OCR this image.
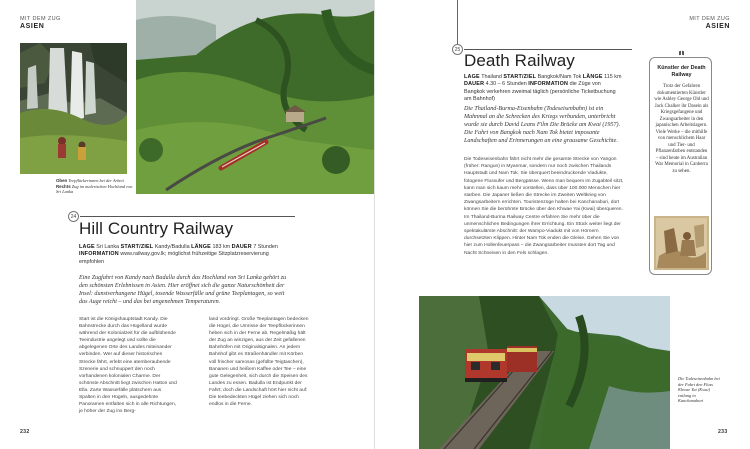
MIT DEM ZUG
ASIEN
Oben Teepflückerinnen bei der Arbeit Rechts Zug im malerischen Hochland von Sri Lanka
24
Hill Country Railway
LAGE Sri Lanka START/ZIEL Kandy/Badulla LÄNGE 183 km DAUER 7 Stunden INFORMATION www.railway.gov.lk; möglichst frühzeitige Sitzplatzreservierung empfohlen
Eine Zugfahrt von Kandy nach Badulla durch das Hochland von Sri Lanka gehört zu den schönsten Erlebnissen in Asien. Hier eröffnet sich die ganze Naturschönheit der Insel: dunstverhangene Hügel, tosende Wasserfälle und grüne Teeplantagen, so weit das Auge reicht – und das bei angenehmen Temperaturen.
Start ist die Königshauptstadt Kandy. Die Bahnstrecke durch das Hügelland wurde während der Kolonialzeit für die aufblühende Teeindustrie angelegt und sollte die abgelegenen Orte des Landes miteinander verbinden. Wer auf dieser historischen Strecke fährt, erlebt eine atemberaubende Szenerie und schnuppert den noch vorhandenen kolonialen Charme. Der schönste Abschnitt liegt zwischen Hatton und Ella. Zarte Wasserfälle plätschern aus Spalten in den Hügeln, ausgedehnte Panoramen entfalten sich in alle Richtungen, je höher der Zug ins Berg-
land vordringt. Große Teeplantagen bedecken die Hügel, die Umrisse der Teepflückerinnen heben sich in der Ferne ab. Regelmäßig hält der Zug an winzigen, aus der Zeit gefallenen Bahnhöfen mit Originalsignalen. An jedem Bahnhof gibt es Straßenhändler mit Körben voll frischer samosas (gefüllte Teigtaschen), Bananen und heißem Kaffee oder Tee – eine gute Gelegenheit, sich durch die Speisen des Landes zu essen. Badulla ist Endpunkt der Fahrt; doch die Landschaft hört hier nicht auf: Die teebedeckten Hügel ziehen sich noch endlos in die Ferne.
232
MIT DEM ZUG
ASIEN
25
Death Railway
LAGE Thailand START/ZIEL Bangkok/Nam Tok LÄNGE 115 km DAUER 4.30 – 6 Stunden INFORMATION die Züge von Bangkok verkehren zweimal täglich (persönliche Ticketbuchung am Bahnhof)
Die Thailand-Burma-Eisenbahn (Todeseisenbahn) ist ein Mahnmal an die Schrecken des Kriegs verbunden, unterbricht wurde sie durch David Leans Film Die Brücke am Kwai (1957). Die Fahrt von Bangkok nach Nam Tok bietet imposante Landschaften und Erinnerungen an eine grausame Geschichte.
Die Todeseisenbahn fährt nicht mehr die gesamte Strecke von Yangon (früher: Rangun) in Myanmar, sondern nur noch zwischen Thailands Hauptstadt und Nam Tok. Sie überquert beeindruckende Viadukte, fotogene Flussufer und Bergpässe. Wenn man bequem im Zugabteil sitzt, kann man sich kaum mehr vorstellen, dass über 100.000 Menschen hier starben. Die Japaner ließen die Strecke im Zweiten Weltkrieg von Zwangsarbeitern errichten. Touristenzüge halten bei Kanchanaburi, dort können Sie die berühmte Brücke über den Khwae Yai (Kwai) überqueren. Im Thailand-Burma Railway Centre erfahren Sie mehr über die unmenschlichen Bedingungen ihrer Errichtung. Ein Stück weiter liegt der spektakulärste Abschnitt: der Wampo-Viadukt mit von Hörnern durchsetzten Klippen. Hinter Nam Tok enden die Gleise. Gehen Sie von hier zum Hollenfeuerpass – die Zwangsarbeiter mussten dort Tag und Nacht Schneisen in den Fels schlagen.
Künstler der Death Railway
Trotz der Gefahren dokumentierten Künstler wie Ashley George Old und Jack Chalker ihr Dasein als Kriegsgefangene und Zwangsarbeiter in den japanischen Arbeitslagern. Viele Werke – die mithilfe von menschlichem Haar und Tier- und Pflanzenfarben entstanden – sind heute im Australian War Memorial in Canberra zu sehen.
Die Todeseisenbahn bei der Fahrt den Fluss Khwae Yai (Kwai) entlang in Kanchanaburi
233
